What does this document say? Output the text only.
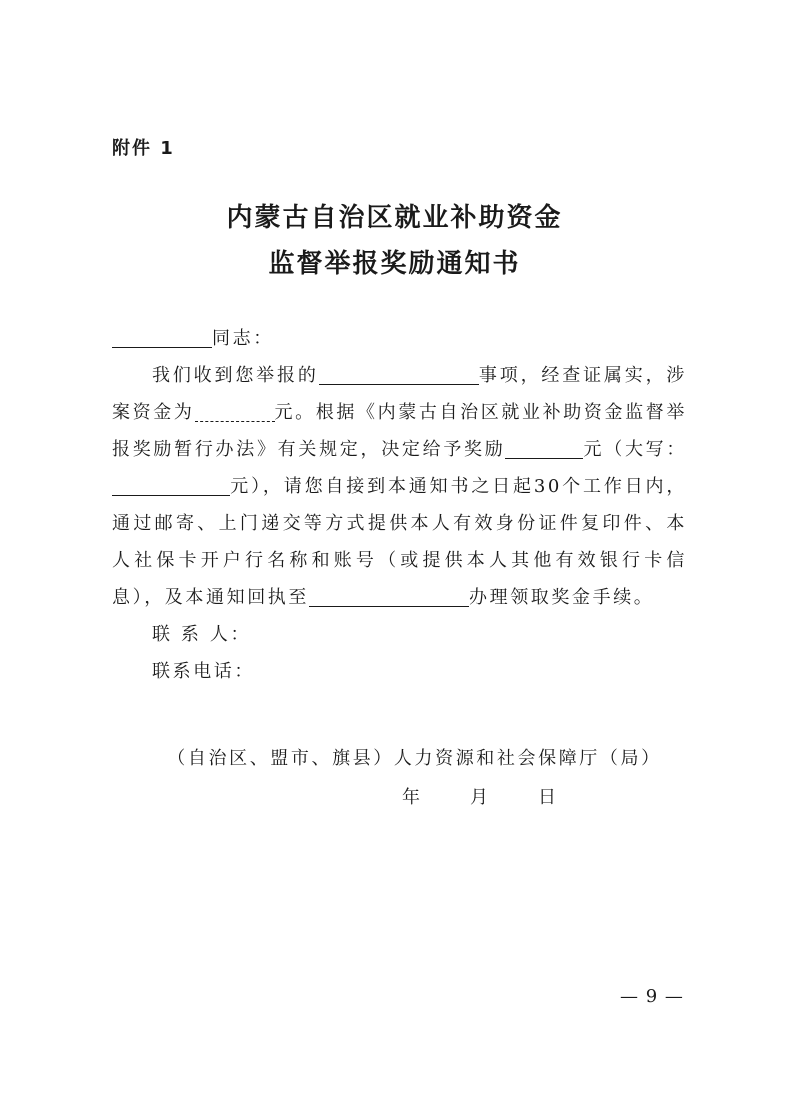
附件 1
内蒙古自治区就业补助资金
监督举报奖励通知书
同志：
我们收到您举报的	事项，经查证属实，涉案资金为	元。根据《内蒙古自治区就业补助资金监督举报奖励暂行办法》有关规定，决定给予奖励	元（大写：元），请您自接到本通知书之日起30个工作日内，通过邮寄、上门递交等方式提供本人有效身份证件复印件、本人社保卡开户行名称和账号（或提供本人其他有效银行卡信息），及本通知回执至	办理领取奖金手续。
联 系 人：
联系电话：
（自治区、盟市、旗县）人力资源和社会保障厅（局）
年	月	日
— 9 —
